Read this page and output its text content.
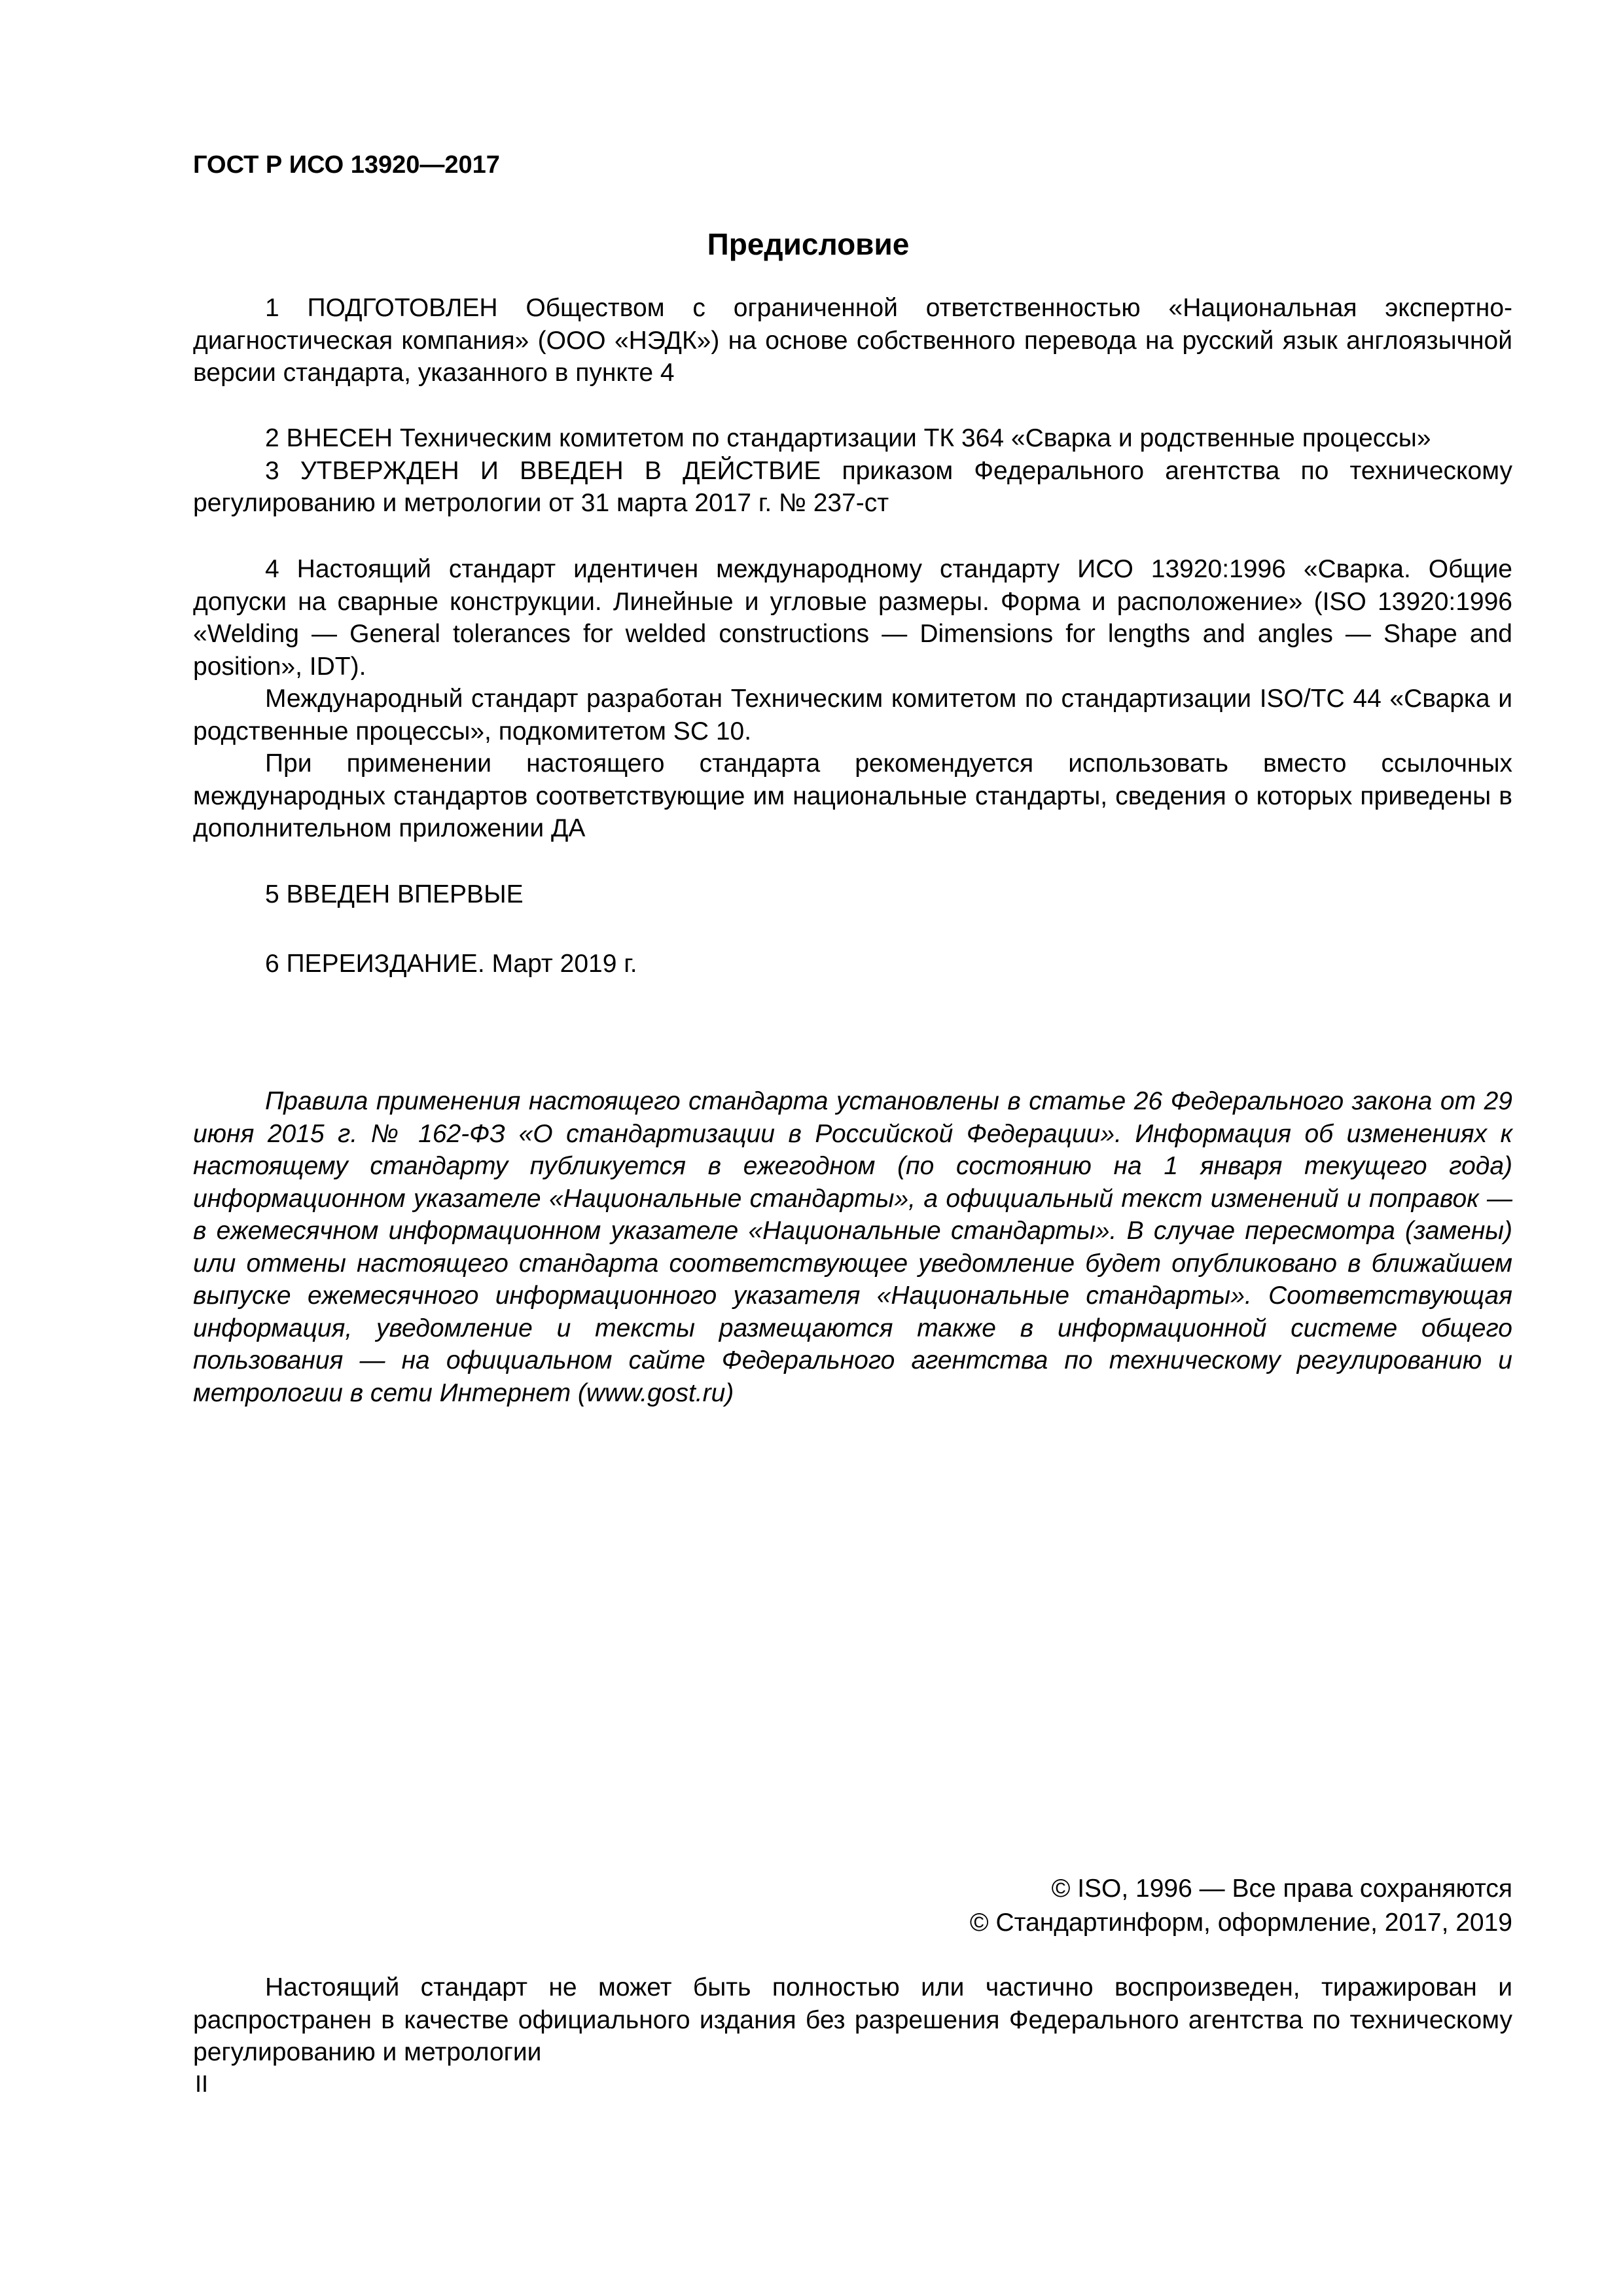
ГОСТ Р ИСО 13920—2017
Предисловие

1 ПОДГОТОВЛЕН Обществом с ограниченной ответственностью «Национальная экспертно-диагностическая компания» (ООО «НЭДК») на основе собственного перевода на русский язык англоязычной версии стандарта, указанного в пункте 4

2 ВНЕСЕН Техническим комитетом по стандартизации ТК 364 «Сварка и родственные процессы»

3 УТВЕРЖДЕН И ВВЕДЕН В ДЕЙСТВИЕ приказом Федерального агентства по техническому регулированию и метрологии от 31 марта 2017 г. № 237-ст

4 Настоящий стандарт идентичен международному стандарту ИСО 13920:1996 «Сварка. Общие допуски на сварные конструкции. Линейные и угловые размеры. Форма и расположение» (ISO 13920:1996 «Welding — General tolerances for welded constructions — Dimensions for lengths and angles — Shape and position», IDT).

Международный стандарт разработан Техническим комитетом по стандартизации ISO/TC 44 «Сварка и родственные процессы», подкомитетом SC 10.

При применении настоящего стандарта рекомендуется использовать вместо ссылочных международных стандартов соответствующие им национальные стандарты, сведения о которых приведены в дополнительном приложении ДА

5 ВВЕДЕН ВПЕРВЫЕ

6 ПЕРЕИЗДАНИЕ. Март 2019 г.

Правила применения настоящего стандарта установлены в статье 26 Федерального закона от 29 июня 2015 г. № 162-ФЗ «О стандартизации в Российской Федерации». Информация об изменениях к настоящему стандарту публикуется в ежегодном (по состоянию на 1 января текущего года) информационном указателе «Национальные стандарты», а официальный текст изменений и поправок — в ежемесячном информационном указателе «Национальные стандарты». В случае пересмотра (замены) или отмены настоящего стандарта соответствующее уведомление будет опубликовано в ближайшем выпуске ежемесячного информационного указателя «Национальные стандарты». Соответствующая информация, уведомление и тексты размещаются также в информационной системе общего пользования — на официальном сайте Федерального агентства по техническому регулированию и метрологии в сети Интернет (www.gost.ru)

© ISO, 1996 — Все права сохраняются
© Стандартинформ, оформление, 2017, 2019

Настоящий стандарт не может быть полностью или частично воспроизведен, тиражирован и распространен в качестве официального издания без разрешения Федерального агентства по техническому регулированию и метрологии

II
